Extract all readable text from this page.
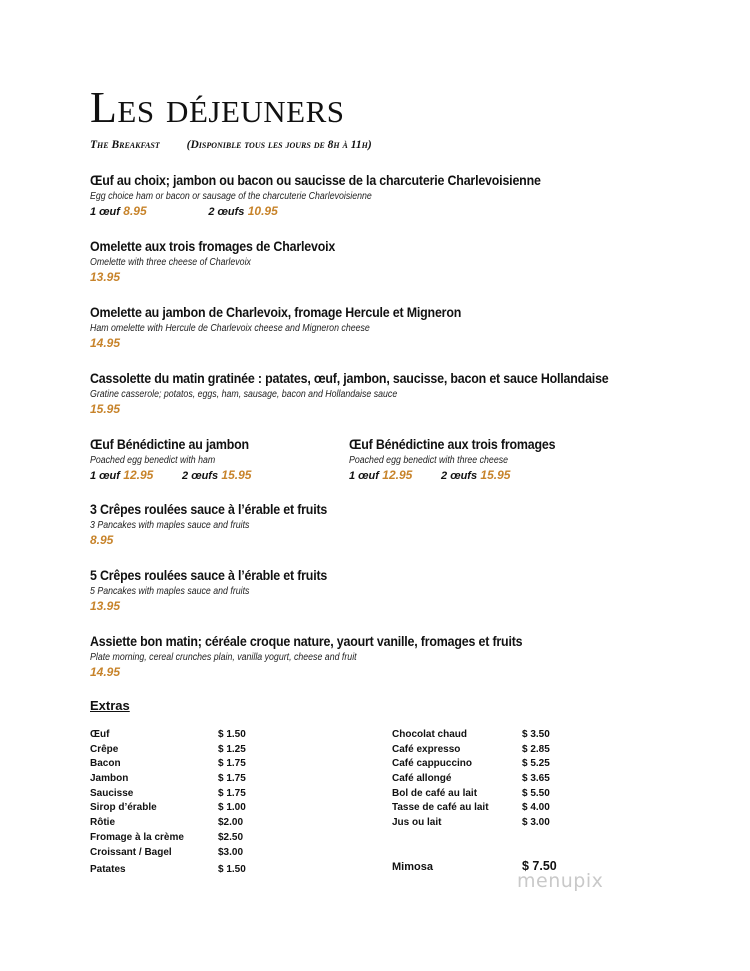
Les déjeuners
The Breakfast (Disponible tous les jours de 8h à 11h)
Œuf au choix; jambon ou bacon ou saucisse de la charcuterie Charlevoisienne
Egg choice ham or bacon or sausage of the charcuterie Charlevoisienne
1 œuf 8.95	2 œufs 10.95
Omelette aux trois fromages de Charlevoix
Omelette with three cheese of Charlevoix
13.95
Omelette au jambon de Charlevoix, fromage Hercule et Migneron
Ham omelette with Hercule de Charlevoix cheese and Migneron cheese
14.95
Cassolette du matin gratinée : patates, œuf, jambon, saucisse, bacon et sauce Hollandaise
Gratine casserole; potatos, eggs, ham, sausage, bacon and Hollandaise sauce
15.95
Œuf Bénédictine au jambon
Poached egg benedict with ham
1 œuf 12.95	2 œufs 15.95
Œuf Bénédictine aux trois fromages
Poached egg benedict with three cheese
1 œuf 12.95	2 œufs 15.95
3 Crêpes roulées sauce à l’érable et fruits
3 Pancakes with maples sauce and fruits
8.95
5 Crêpes roulées sauce à l’érable et fruits
5 Pancakes with maples sauce and fruits
13.95
Assiette bon matin; céréale croque nature, yaourt vanille, fromages et fruits
Plate morning, cereal crunches plain, vanilla yogurt, cheese and fruit
14.95
Extras
Œuf	$ 1.50
Crêpe	$ 1.25
Bacon	$ 1.75
Jambon	$ 1.75
Saucisse	$ 1.75
Sirop d’érable	$ 1.00
Rôtie	$2.00
Fromage à la crème	$2.50
Croissant / Bagel	$3.00
Patates	$ 1.50
Chocolat chaud	$ 3.50
Café expresso	$ 2.85
Café cappuccino	$ 5.25
Café allongé	$ 3.65
Bol de café au lait	$ 5.50
Tasse de café au lait	$ 4.00
Jus ou lait	$ 3.00
Mimosa	$ 7.50
menupix
